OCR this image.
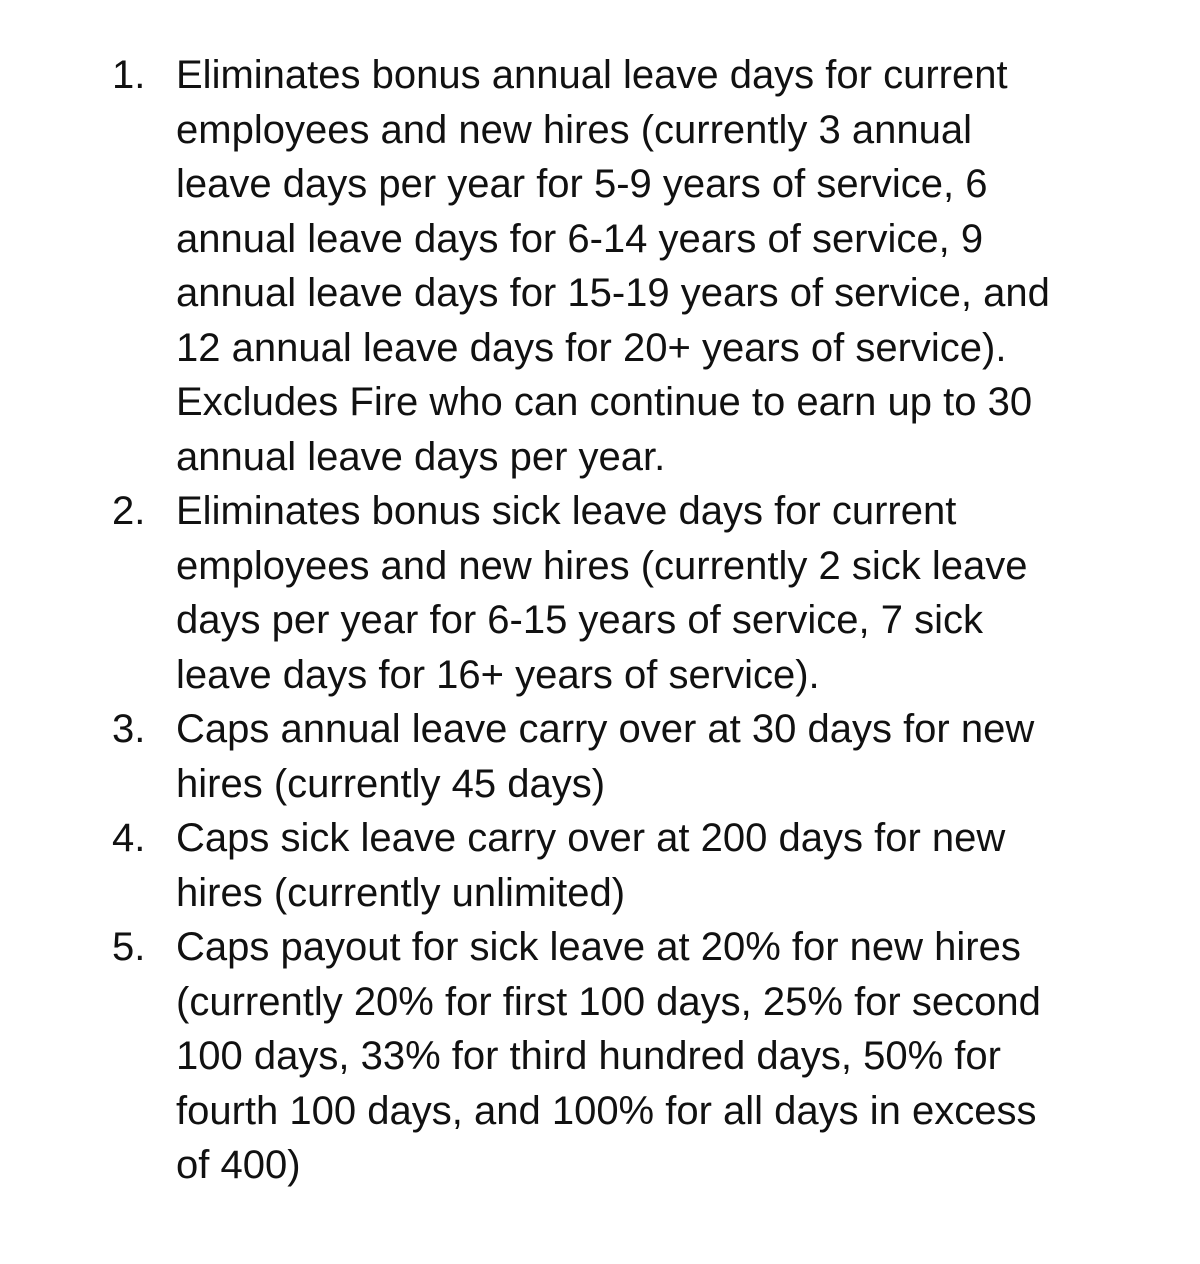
1. Eliminates bonus annual leave days for current
employees and new hires (currently 3 annual
leave days per year for 5-9 years of service, 6
annual leave days for 6-14 years of service, 9
annual leave days for 15-19 years of service, and
12 annual leave days for 20+ years of service).
Excludes Fire who can continue to earn up to 30
annual leave days per year.
2. Eliminates bonus sick leave days for current
employees and new hires (currently 2 sick leave
days per year for 6-15 years of service, 7 sick
leave days for 16+ years of service).
3. Caps annual leave carry over at 30 days for new
hires (currently 45 days)
4. Caps sick leave carry over at 200 days for new
hires (currently unlimited)
5. Caps payout for sick leave at 20% for new hires
(currently 20% for first 100 days, 25% for second
100 days, 33% for third hundred days, 50% for
fourth 100 days, and 100% for all days in excess
of 400)
